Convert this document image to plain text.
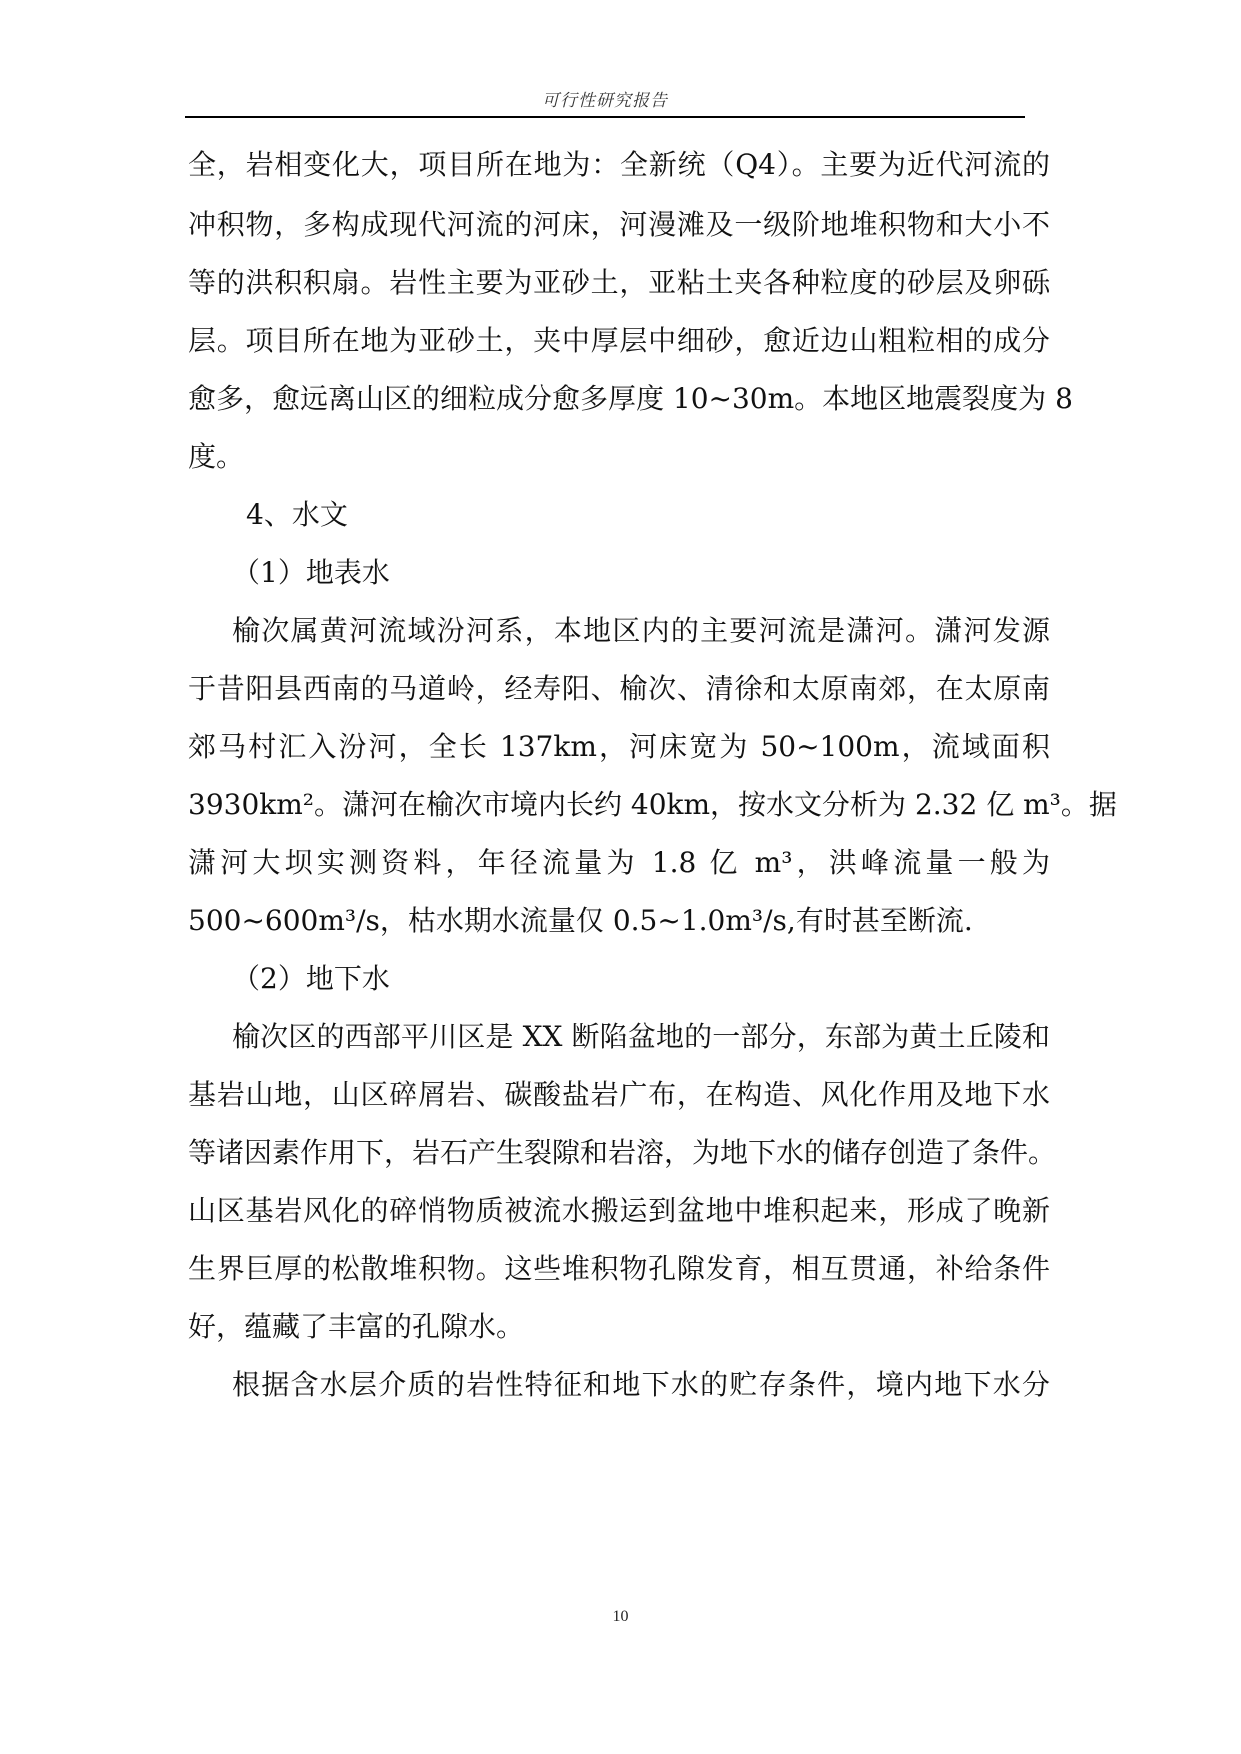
可行性研究报告
全，岩相变化大，项目所在地为：全新统（Q4）。主要为近代河流的
冲积物，多构成现代河流的河床，河漫滩及一级阶地堆积物和大小不
等的洪积积扇。岩性主要为亚砂土，亚粘土夹各种粒度的砂层及卵砾
层。项目所在地为亚砂土，夹中厚层中细砂，愈近边山粗粒相的成分
愈多，愈远离山区的细粒成分愈多厚度 10~30m。本地区地震裂度为 8
度。
4、水文
（1）地表水
榆次属黄河流域汾河系，本地区内的主要河流是潇河。潇河发源
于昔阳县西南的马道岭，经寿阳、榆次、清徐和太原南郊，在太原南
郊马村汇入汾河，全长 137km，河床宽为 50~100m，流域面积
3930km²。潇河在榆次市境内长约 40km，按水文分析为 2.32 亿 m³。据
潇河大坝实测资料，年径流量为 1.8 亿 m³，洪峰流量一般为
500~600m³/s，枯水期水流量仅 0.5~1.0m³/s,有时甚至断流.
（2）地下水
榆次区的西部平川区是 XX 断陷盆地的一部分，东部为黄土丘陵和
基岩山地，山区碎屑岩、碳酸盐岩广布，在构造、风化作用及地下水
等诸因素作用下，岩石产生裂隙和岩溶，为地下水的储存创造了条件。
山区基岩风化的碎悄物质被流水搬运到盆地中堆积起来，形成了晚新
生界巨厚的松散堆积物。这些堆积物孔隙发育，相互贯通，补给条件
好，蕴藏了丰富的孔隙水。
根据含水层介质的岩性特征和地下水的贮存条件，境内地下水分
10
